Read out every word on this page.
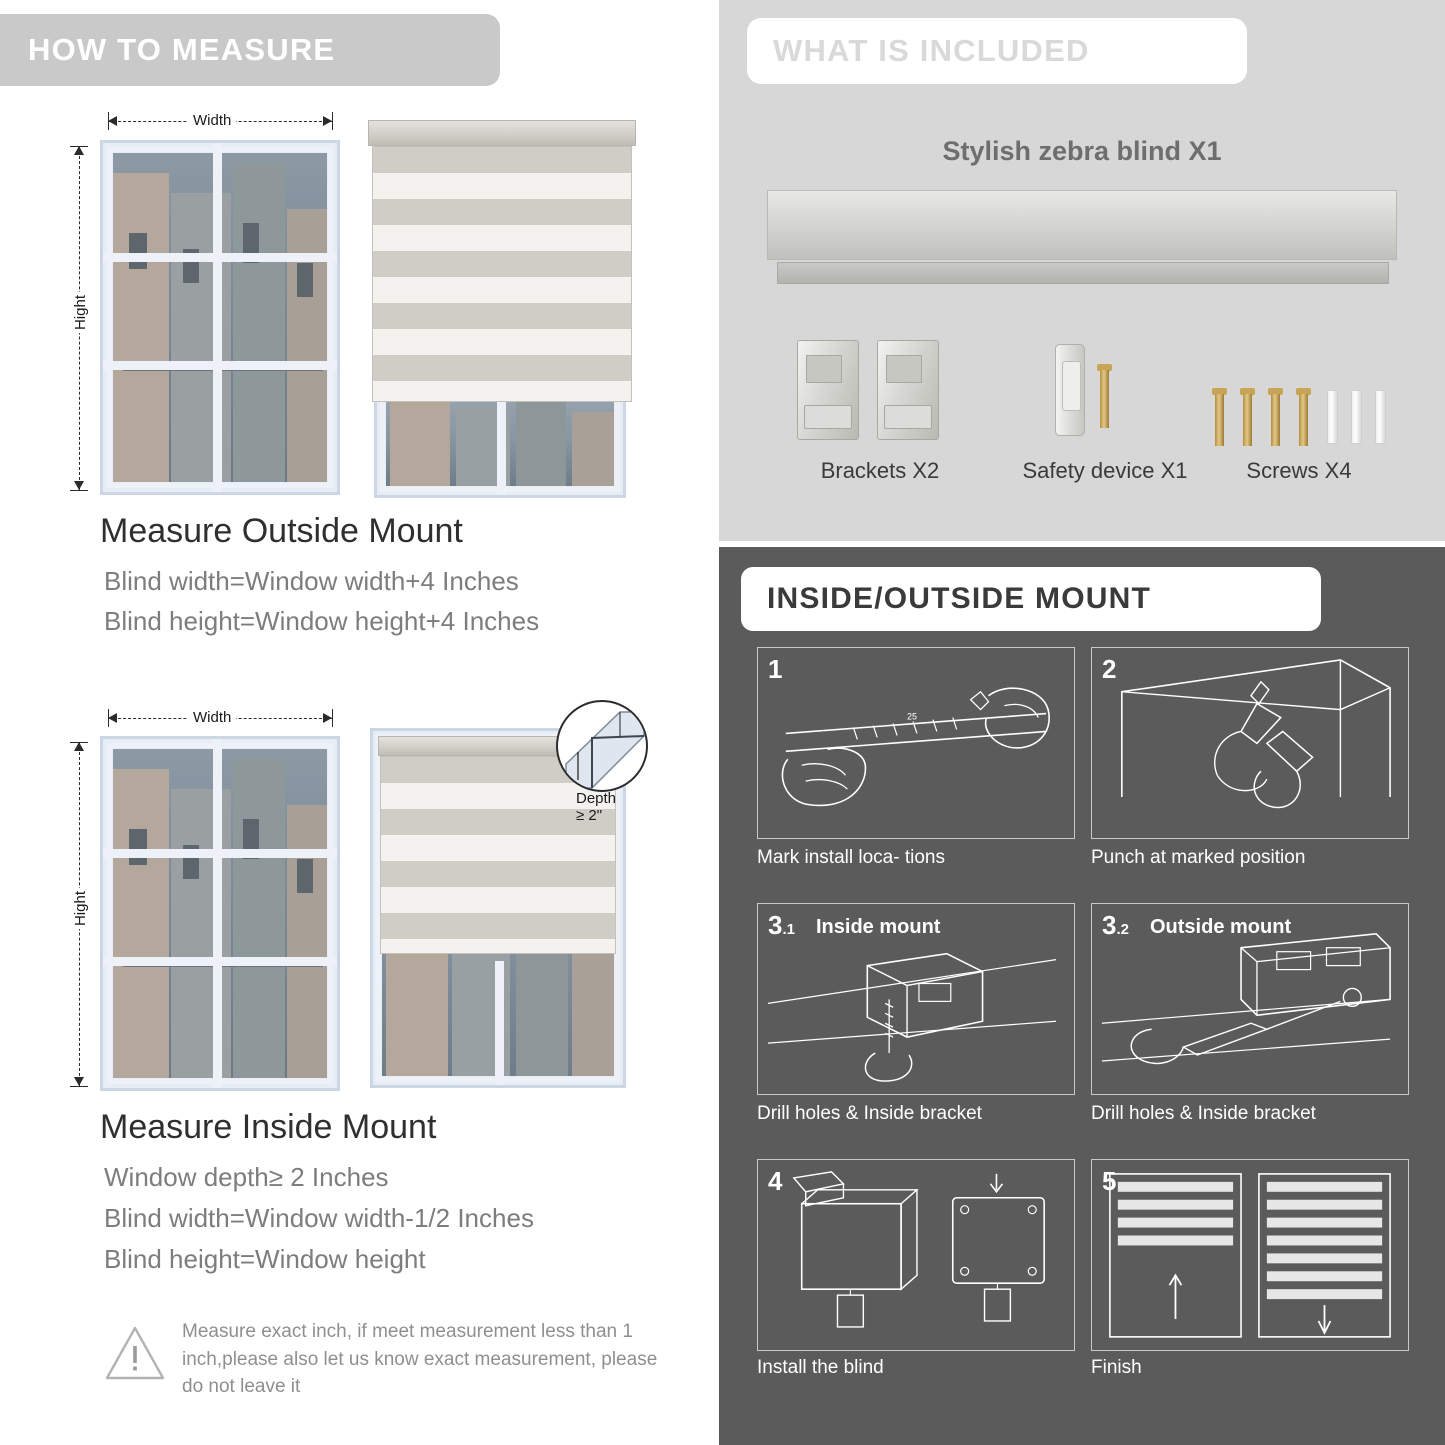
HOW TO MEASURE
Width
Hight
Measure Outside Mount
Blind width=Window width+4 Inches
Blind height=Window height+4 Inches
Width
Hight
Depth ≥ 2"
Measure Inside Mount
Window depth≥ 2 Inches
Blind width=Window width-1/2 Inches
Blind height=Window height
Measure exact inch, if meet measurement less than 1 inch,please also let us know exact measurement, please do not leave it
WHAT IS INCLUDED
Stylish zebra blind X1
Brackets X2	Safety device X1	Screws X4
INSIDE/OUTSIDE MOUNT
25
1
Mark install loca- tions
2
Punch at marked position
3.1 Inside mount
Drill holes & Inside bracket
3.2 Outside mount
Drill holes & Inside bracket
4
Install the blind
5
Finish
